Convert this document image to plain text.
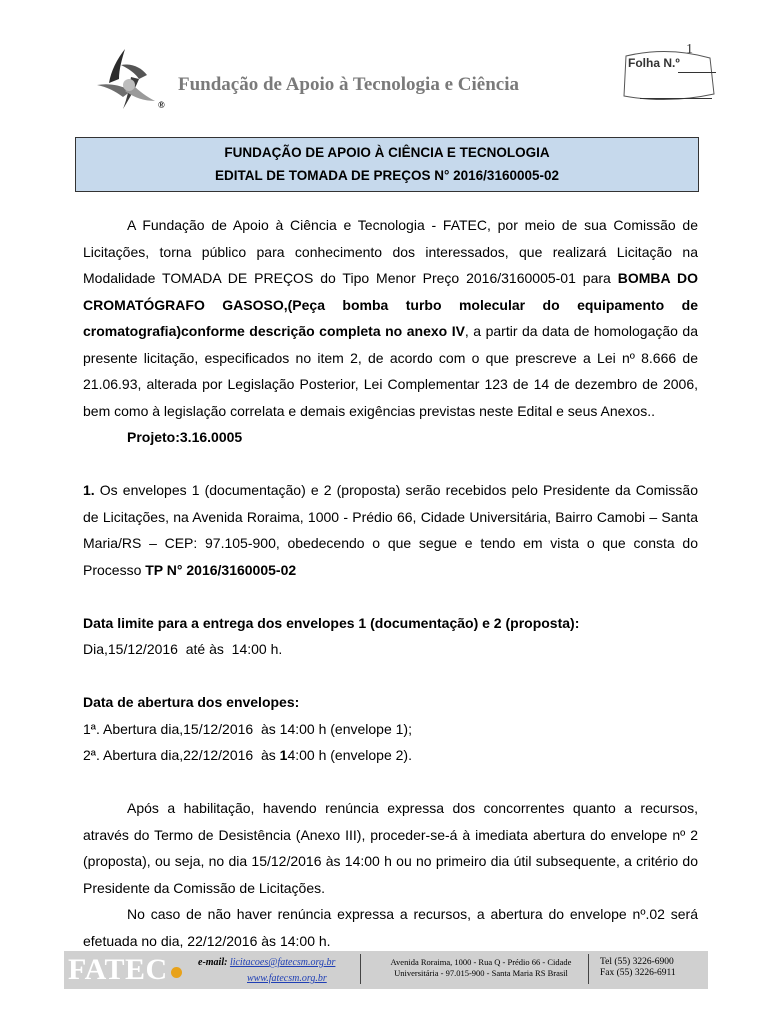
Fundação de Apoio à Tecnologia e Ciência
®
Folha N.º
1
FUNDAÇÃO DE APOIO À CIÊNCIA E TECNOLOGIA
EDITAL DE TOMADA DE PREÇOS N° 2016/3160005-02

A Fundação de Apoio à Ciência e Tecnologia - FATEC, por meio de sua Comissão de Licitações, torna público para conhecimento dos interessados, que realizará Licitação na Modalidade TOMADA DE PREÇOS do Tipo Menor Preço 2016/3160005-01 para BOMBA DO CROMATÓGRAFO GASOSO,(Peça bomba turbo molecular do equipamento de cromatografia)conforme descrição completa no anexo IV, a partir da data de homologação da presente licitação, especificados no item 2, de acordo com o que prescreve a Lei nº 8.666 de 21.06.93, alterada por Legislação Posterior, Lei Complementar 123 de 14 de dezembro de 2006, bem como à legislação correlata e demais exigências previstas neste Edital e seus Anexos..

Projeto:3.16.0005

1. Os envelopes 1 (documentação) e 2 (proposta) serão recebidos pelo Presidente da Comissão de Licitações, na Avenida Roraima, 1000 - Prédio 66, Cidade Universitária, Bairro Camobi – Santa Maria/RS – CEP: 97.105-900, obedecendo o que segue e tendo em vista o que consta do Processo TP N° 2016/3160005-02

Data limite para a entrega dos envelopes 1 (documentação) e 2 (proposta):

Dia,15/12/2016  até às  14:00 h.

Data de abertura dos envelopes:

1ª. Abertura dia,15/12/2016  às 14:00 h (envelope 1);

2ª. Abertura dia,22/12/2016  às 14:00 h (envelope 2).

Após a habilitação, havendo renúncia expressa dos concorrentes quanto a recursos, através do Termo de Desistência (Anexo III), proceder-se-á à imediata abertura do envelope nº 2 (proposta), ou seja, no dia 15/12/2016 às 14:00 h ou no primeiro dia útil subsequente, a critério do Presidente da Comissão de Licitações.

No caso de não haver renúncia expressa a recursos, a abertura do envelope nº.02 será efetuada no dia, 22/12/2016 às 14:00 h.

FATEC	e-mail: licitacoes@fatecsm.org.br
www.fatecsm.org.br
Avenida Roraima, 1000 - Rua Q - Prédio 66 - Cidade
Universitária - 97.015-900 - Santa Maria RS Brasil
Tel (55) 3226-6900
Fax (55) 3226-6911
